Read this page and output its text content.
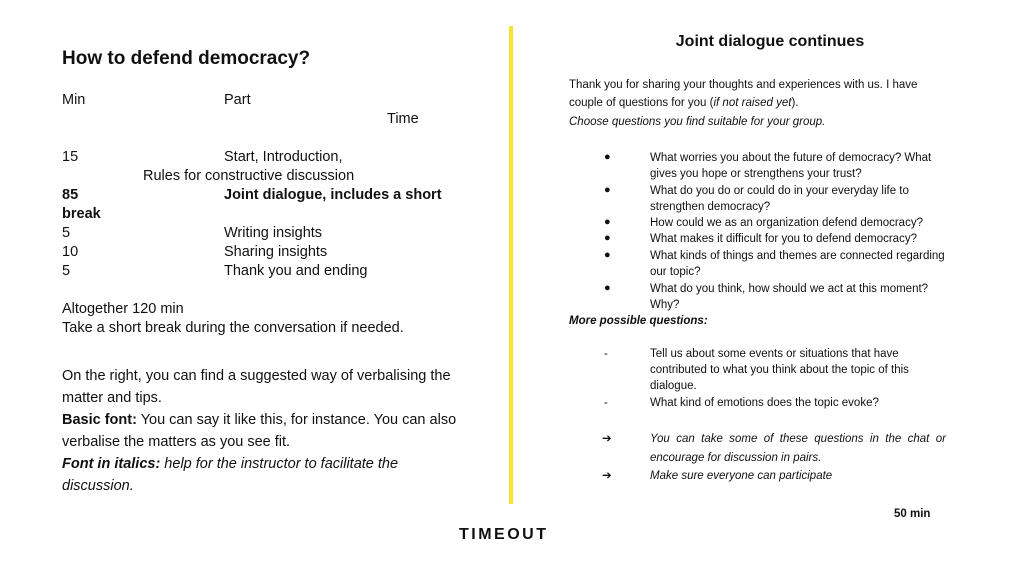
How to defend democracy?
Min	Part
Time
15	Start, Introduction,
Rules for constructive discussion
85	Joint dialogue, includes a short
break
5	Writing insights
10	Sharing insights
5	Thank you and ending
Altogether 120 min
Take a short break during the conversation if needed.
On the right, you can find a suggested way of verbalising the
matter and tips.
Basic font: You can say it like this, for instance. You can also
verbalise the matters as you see fit.
Font in italics: help for the instructor to facilitate the
discussion.
Joint dialogue continues
Thank you for sharing your thoughts and experiences with us. I have
couple of questions for you (if not raised yet).
Choose questions you find suitable for your group.
●	What worries you about the future of democracy? What
gives you hope or strengthens your trust?
●	What do you do or could do in your everyday life to
strengthen democracy?
●	How could we as an organization defend democracy?
●	What makes it difficult for you to defend democracy?
●	What kinds of things and themes are connected regarding
our topic?
●	What do you think, how should we act at this moment?
Why?
More possible questions:
-	Tell us about some events or situations that have
contributed to what you think about the topic of this
dialogue.
-	What kind of emotions does the topic evoke?
➔	You  can  take  some  of  these  questions  in  the  chat  or
encourage for discussion in pairs.
➔	Make sure everyone can participate
50 min
TIMEOUT
